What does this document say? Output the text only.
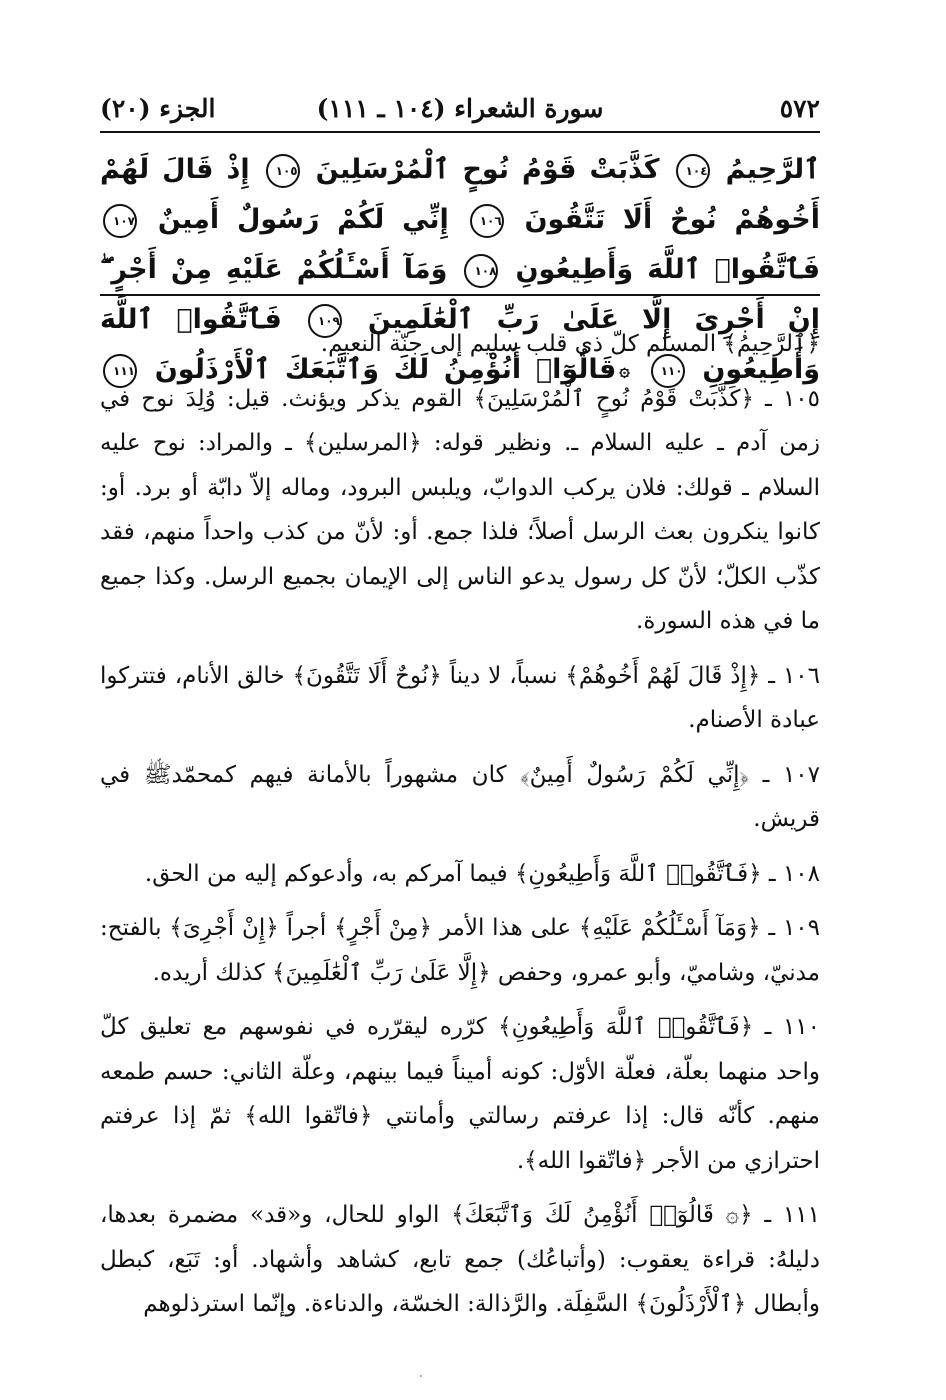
٥٧٢
سورة الشعراء (١٠٤ ـ ١١١)
الجزء (٢٠)
ٱلرَّحِيمُ ١٠٤ كَذَّبَتْ قَوْمُ نُوحٍ ٱلْمُرْسَلِينَ ١٠٥ إِذْ قَالَ لَهُمْ أَخُوهُمْ نُوحٌ أَلَا تَتَّقُونَ ١٠٦ إِنِّي لَكُمْ رَسُولٌ أَمِينٌ ١٠٧ فَٱتَّقُوا۟ ٱللَّهَ وَأَطِيعُونِ ١٠٨ وَمَآ أَسْـَٔلُكُمْ عَلَيْهِ مِنْ أَجْرٍ ۖ إِنْ أَجْرِىَ إِلَّا عَلَىٰ رَبِّ ٱلْعَٰلَمِينَ ١٠٩ فَٱتَّقُوا۟ ٱللَّهَ وَأَطِيعُونِ ١١٠ ۞قَالُوٓا۟ أَنُؤْمِنُ لَكَ وَٱتَّبَعَكَ ٱلْأَرْذَلُونَ ١١١

﴿ٱلرَّحِيمُ﴾ المسلم كلّ ذي قلب سليم إلى جنّة النعيم.

١٠٥ ـ ﴿كَذَّبَتْ قَوْمُ نُوحٍ ٱلْمُرْسَلِينَ﴾ القوم يذكر ويؤنث. قيل: وُلِدَ نوح في زمن آدم ـ عليه السلام ـ. ونظير قوله: ﴿المرسلين﴾ ـ والمراد: نوح عليه السلام ـ قولك: فلان يركب الدوابّ، ويلبس البرود، وماله إلاّ دابّة أو برد. أو: كانوا ينكرون بعث الرسل أصلاً؛ فلذا جمع. أو: لأنّ من كذب واحداً منهم، فقد كذّب الكلّ؛ لأنّ كل رسول يدعو الناس إلى الإيمان بجميع الرسل. وكذا جميع ما في هذه السورة.

١٠٦ ـ ﴿إِذْ قَالَ لَهُمْ أَخُوهُمْ﴾ نسباً، لا ديناً ﴿نُوحٌ أَلَا تَتَّقُونَ﴾ خالق الأنام، فتتركوا عبادة الأصنام.

١٠٧ ـ ﴿إِنِّي لَكُمْ رَسُولٌ أَمِينٌ﴾ كان مشهوراً بالأمانة فيهم كمحمّدﷺ في قريش.

١٠٨ ـ ﴿فَٱتَّقُوا۟ ٱللَّهَ وَأَطِيعُونِ﴾ فيما آمركم به، وأدعوكم إليه من الحق.

١٠٩ ـ ﴿وَمَآ أَسْـَٔلُكُمْ عَلَيْهِ﴾ على هذا الأمر ﴿مِنْ أَجْرٍ﴾ أجراً ﴿إِنْ أَجْرِىَ﴾ بالفتح: مدنيّ، وشاميّ، وأبو عمرو، وحفص ﴿إِلَّا عَلَىٰ رَبِّ ٱلْعَٰلَمِينَ﴾ كذلك أريده.

١١٠ ـ ﴿فَٱتَّقُوا۟ ٱللَّهَ وَأَطِيعُونِ﴾ كرّره ليقرّره في نفوسهم مع تعليق كلّ واحد منهما بعلّة، فعلّة الأوّل: كونه أميناً فيما بينهم، وعلّة الثاني: حسم طمعه منهم. كأنّه قال: إذا عرفتم رسالتي وأمانتي ﴿فاتّقوا الله﴾ ثمّ إذا عرفتم احترازي من الأجر ﴿فاتّقوا الله﴾.

١١١ ـ ﴿۞ قَالُوٓا۟ أَنُؤْمِنُ لَكَ وَٱتَّبَعَكَ﴾ الواو للحال، و«قد» مضمرة بعدها، دليلهُ: قراءة يعقوب: (وأتباعُك) جمع تابع، كشاهد وأشهاد. أو: تَبَع، كبطل وأبطال ﴿ٱلْأَرْذَلُونَ﴾ السَّفِلَة. والرَّذالة: الخسّة، والدناءة. وإنّما استرذلوهم
